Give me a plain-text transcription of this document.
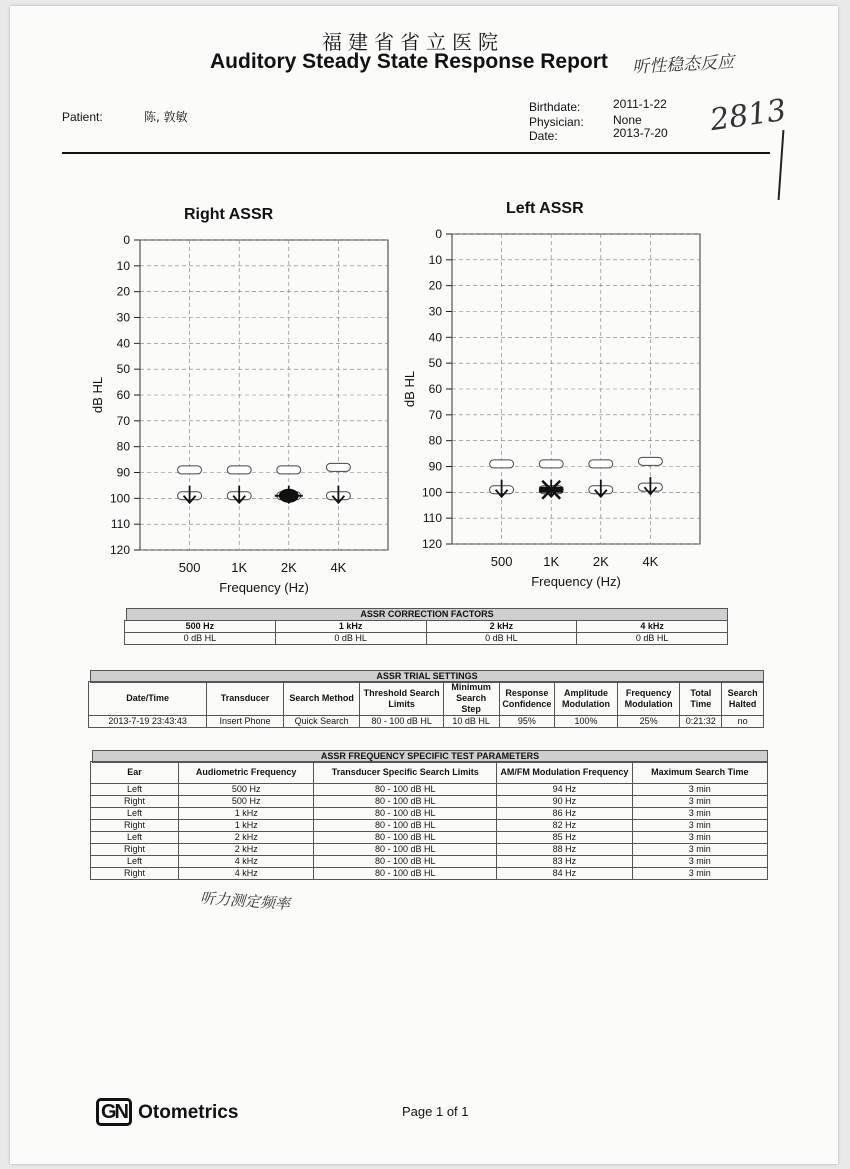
福建省省立医院
Auditory Steady State Response Report 听性稳态反应
2813
Patient:	陈, 敦敏
Birthdate:	2011-1-22
Physician: None
Date:	2013-7-20
Right ASSR
0
10
20
30
40
50
60
70
80
90
100
110
120
500 1K	2K	4K
Frequency (Hz)
dB HL
Left ASSR
0
10
20
30
40
50
60
70
80
90
100
110
120
500 1K	2K	4K
Frequency (Hz)
dB HL
ASSR CORRECTION FACTORS
500 Hz	1 kHz	2 kHz	4 kHz
0 dB HL	0 dB HL	0 dB HL	0 dB HL
ASSR TRIAL SETTINGS
Date/Time	Transducer	Search Method	Threshold Search Limits	Minimum Search Step	Response Confidence	Amplitude Modulation	Frequency Modulation	Total Time	Search Halted
2013-7-19 23:43:43	Insert Phone	Quick Search	80 - 100 dB HL	10 dB HL	95%	100%	25%	0:21:32	no
ASSR FREQUENCY SPECIFIC TEST PARAMETERS
Ear	Audiometric Frequency	Transducer Specific Search Limits	AM/FM Modulation Frequency	Maximum Search Time
Left	500 Hz	80 - 100 dB HL	94 Hz	3 min
Right	500 Hz	80 - 100 dB HL	90 Hz	3 min
Left	1 kHz	80 - 100 dB HL	86 Hz	3 min
Right	1 kHz	80 - 100 dB HL	82 Hz	3 min
Left	2 kHz	80 - 100 dB HL	85 Hz	3 min
Right	2 kHz	80 - 100 dB HL	88 Hz	3 min
Left	4 kHz	80 - 100 dB HL	83 Hz	3 min
Right	4 kHz	80 - 100 dB HL	84 Hz	3 min
听力测定频率
GN Otometrics	Page 1 of 1
